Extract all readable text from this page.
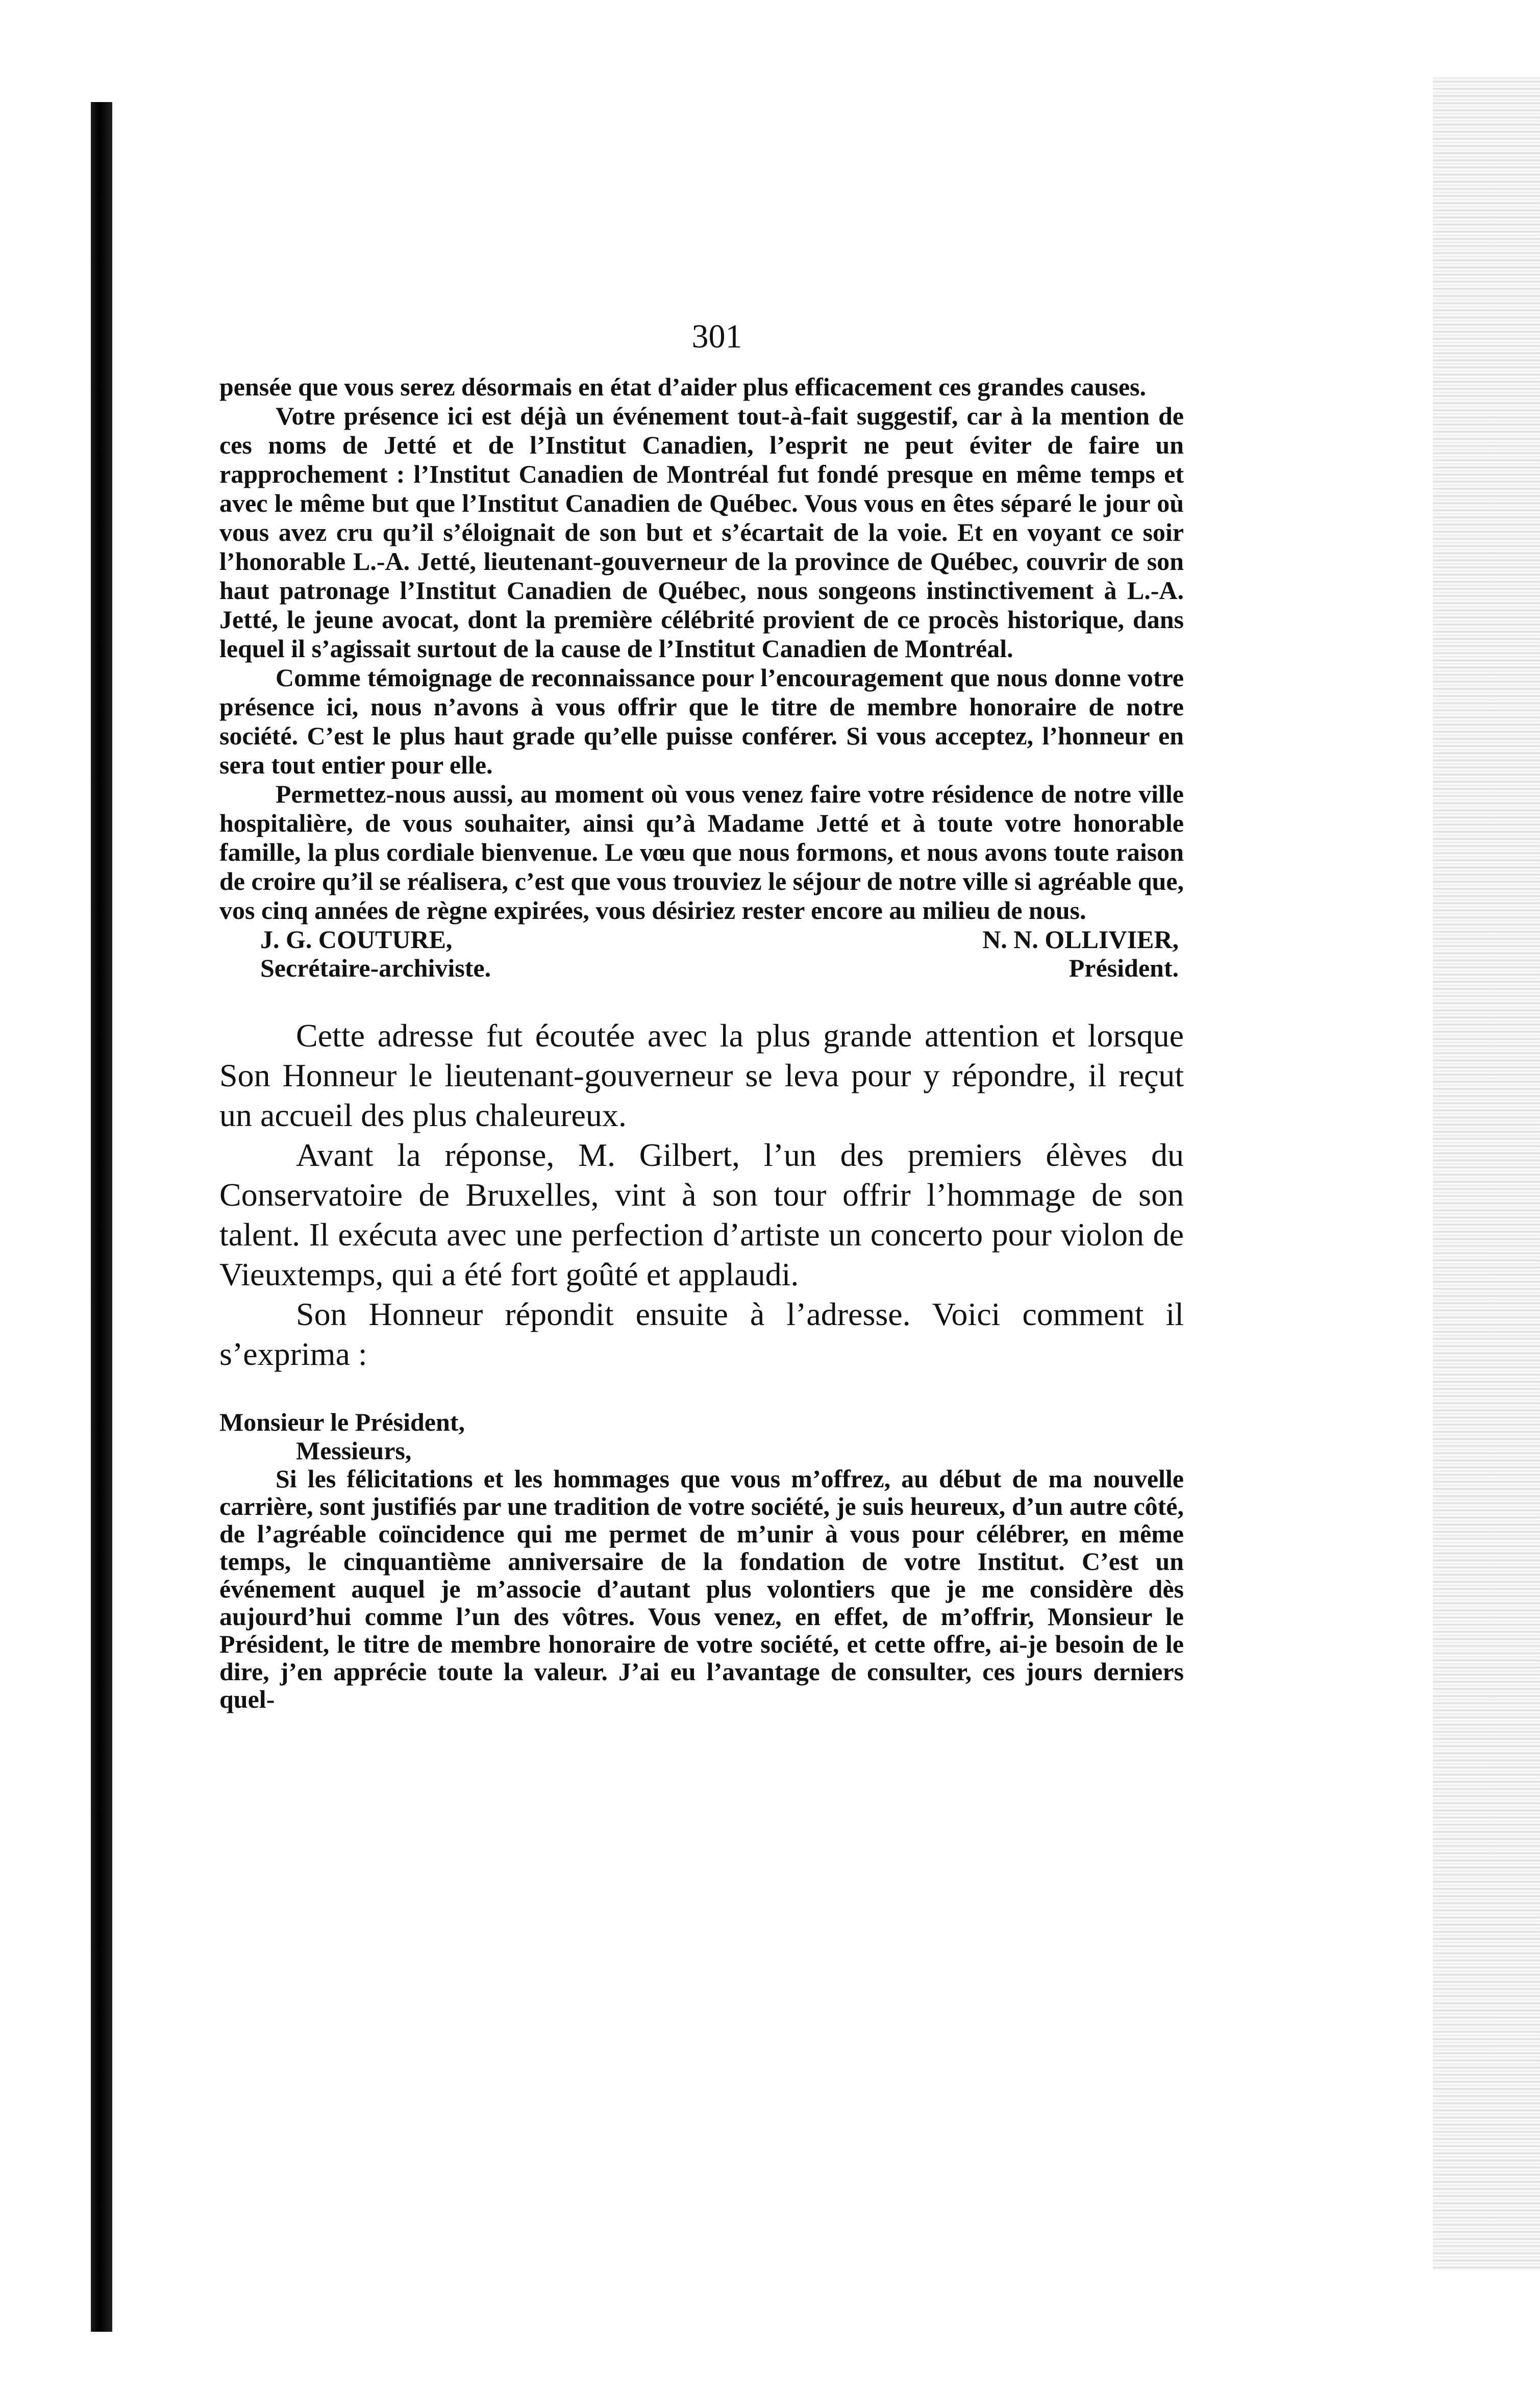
301

pensée que vous serez désormais en état d’aider plus efficacement ces grandes causes.

Votre présence ici est déjà un événement tout-à-fait suggestif, car à la mention de ces noms de Jetté et de l’Institut Canadien, l’esprit ne peut éviter de faire un rapprochement : l’Institut Canadien de Montréal fut fondé presque en même temps et avec le même but que l’Institut Canadien de Québec. Vous vous en êtes séparé le jour où vous avez cru qu’il s’éloignait de son but et s’écartait de la voie. Et en voyant ce soir l’honorable L.-A. Jetté, lieutenant-gouverneur de la province de Québec, couvrir de son haut patronage l’Institut Canadien de Québec, nous songeons instinctivement à L.-A. Jetté, le jeune avocat, dont la première célébrité provient de ce procès historique, dans lequel il s’agissait surtout de la cause de l’Institut Canadien de Montréal.

Comme témoignage de reconnaissance pour l’encouragement que nous donne votre présence ici, nous n’avons à vous offrir que le titre de membre honoraire de notre société. C’est le plus haut grade qu’elle puisse conférer. Si vous acceptez, l’honneur en sera tout entier pour elle.

Permettez-nous aussi, au moment où vous venez faire votre résidence de notre ville hospitalière, de vous souhaiter, ainsi qu’à Madame Jetté et à toute votre honorable famille, la plus cordiale bienvenue. Le vœu que nous formons, et nous avons toute raison de croire qu’il se réalisera, c’est que vous trouviez le séjour de notre ville si agréable que, vos cinq années de règne expirées, vous désiriez rester encore au milieu de nous.

J. G. COUTURE,
Secrétaire-archiviste.
N. N. OLLIVIER,
Président.

Cette adresse fut écoutée avec la plus grande attention et lorsque Son Honneur le lieutenant-gouverneur se leva pour y répondre, il reçut un accueil des plus chaleureux.

Avant la réponse, M. Gilbert, l’un des premiers élèves du Conservatoire de Bruxelles, vint à son tour offrir l’hommage de son talent. Il exécuta avec une perfection d’artiste un concerto pour violon de Vieuxtemps, qui a été fort goûté et applaudi.

Son Honneur répondit ensuite à l’adresse. Voici comment il s’exprima :

Monsieur le Président,

Messieurs,

Si les félicitations et les hommages que vous m’offrez, au début de ma nouvelle carrière, sont justifiés par une tradition de votre société, je suis heureux, d’un autre côté, de l’agréable coïncidence qui me permet de m’unir à vous pour célébrer, en même temps, le cinquantième anniversaire de la fondation de votre Institut. C’est un événement auquel je m’associe d’autant plus volontiers que je me considère dès aujourd’hui comme l’un des vôtres. Vous venez, en effet, de m’offrir, Monsieur le Président, le titre de membre honoraire de votre société, et cette offre, ai-je besoin de le dire, j’en apprécie toute la valeur. J’ai eu l’avantage de consulter, ces jours derniers quel-
